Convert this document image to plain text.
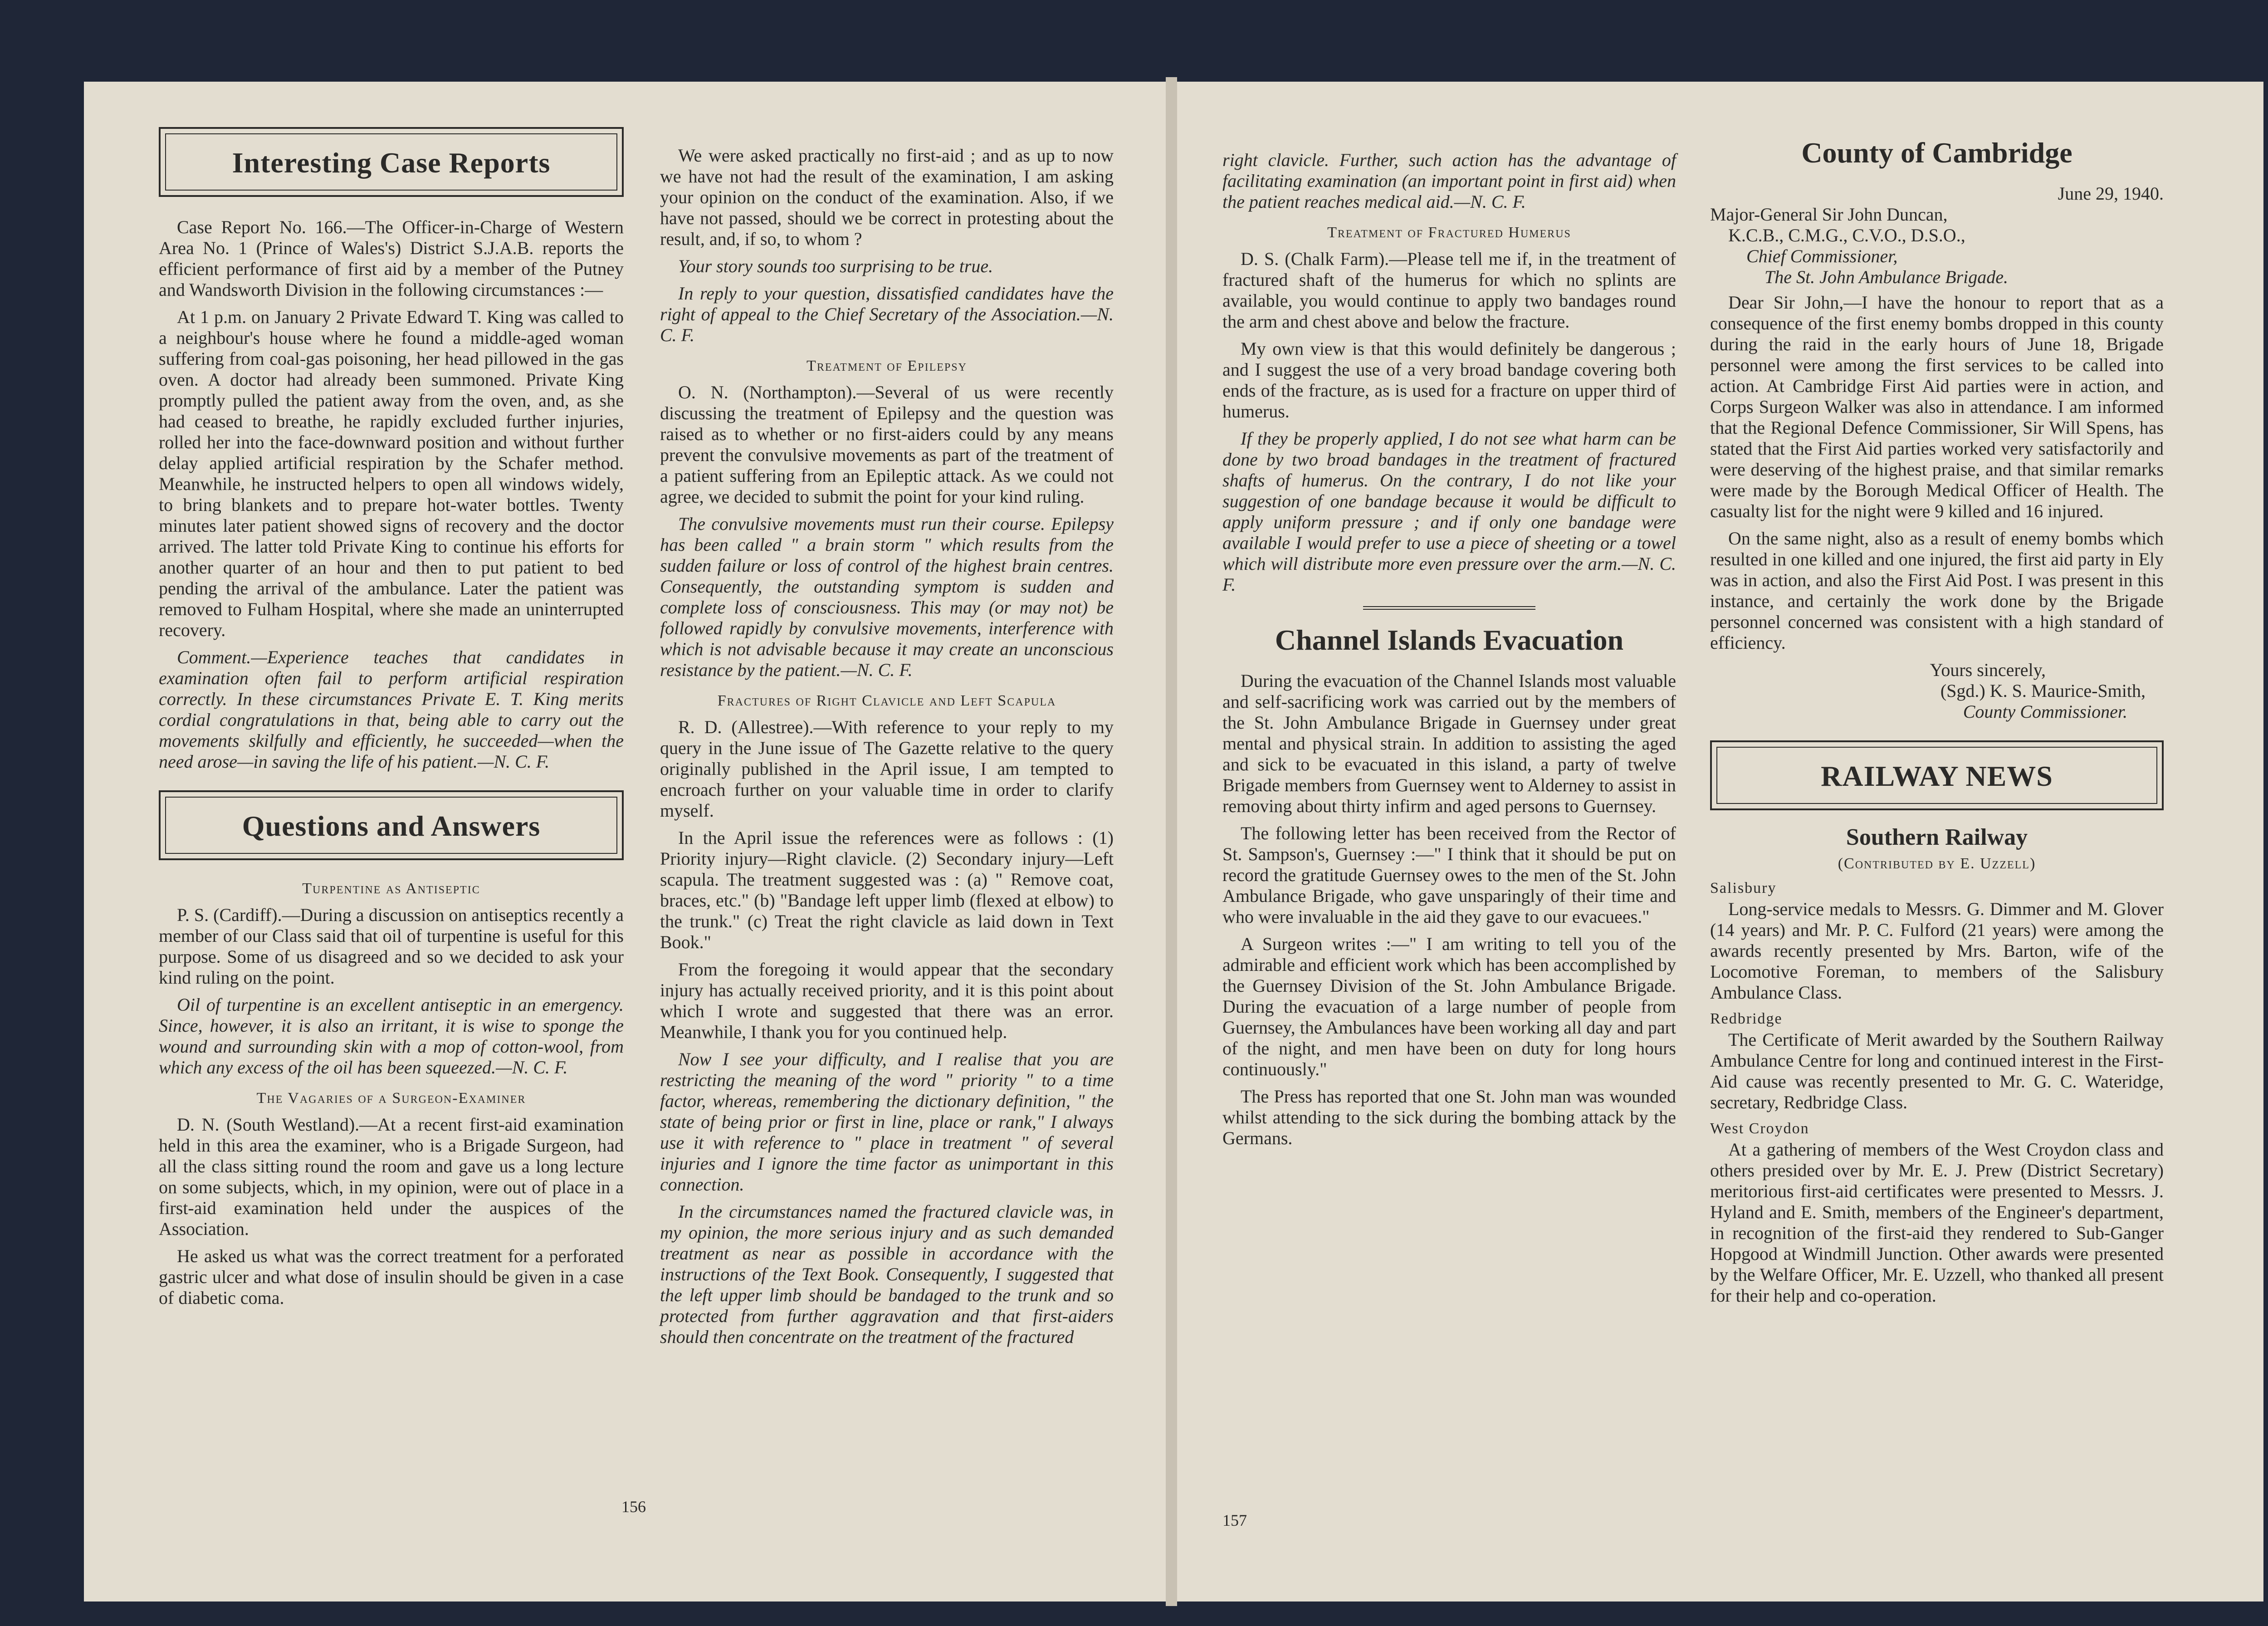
Interesting Case Reports

Case Report No. 166.—The Officer-in-Charge of Western Area No. 1 (Prince of Wales's) District S.J.A.B. reports the efficient performance of first aid by a member of the Putney and Wandsworth Division in the following circumstances :—

At 1 p.m. on January 2 Private Edward T. King was called to a neighbour's house where he found a middle-aged woman suffering from coal-gas poisoning, her head pillowed in the gas oven. A doctor had already been summoned. Private King promptly pulled the patient away from the oven, and, as she had ceased to breathe, he rapidly excluded further injuries, rolled her into the face-downward position and without further delay applied artificial respiration by the Schafer method. Meanwhile, he instructed helpers to open all windows widely, to bring blankets and to prepare hot-water bottles. Twenty minutes later patient showed signs of recovery and the doctor arrived. The latter told Private King to continue his efforts for another quarter of an hour and then to put patient to bed pending the arrival of the ambulance. Later the patient was removed to Fulham Hospital, where she made an uninterrupted recovery.

Comment.—Experience teaches that candidates in examination often fail to perform artificial respiration correctly. In these circumstances Private E. T. King merits cordial congratulations in that, being able to carry out the movements skilfully and efficiently, he succeeded—when the need arose—in saving the life of his patient.—N. C. F.

Questions and Answers
Turpentine as Antiseptic

P. S. (Cardiff).—During a discussion on antiseptics recently a member of our Class said that oil of turpentine is useful for this purpose. Some of us disagreed and so we decided to ask your kind ruling on the point.

Oil of turpentine is an excellent antiseptic in an emergency. Since, however, it is also an irritant, it is wise to sponge the wound and surrounding skin with a mop of cotton-wool, from which any excess of the oil has been squeezed.—N. C. F.

The Vagaries of a Surgeon-Examiner

D. N. (South Westland).—At a recent first-aid examination held in this area the examiner, who is a Brigade Surgeon, had all the class sitting round the room and gave us a long lecture on some subjects, which, in my opinion, were out of place in a first-aid examination held under the auspices of the Association.

He asked us what was the correct treatment for a perforated gastric ulcer and what dose of insulin should be given in a case of diabetic coma.

We were asked practically no first-aid ; and as up to now we have not had the result of the examination, I am asking your opinion on the conduct of the examination. Also, if we have not passed, should we be correct in protesting about the result, and, if so, to whom ?

Your story sounds too surprising to be true.

In reply to your question, dissatisfied candidates have the right of appeal to the Chief Secretary of the Association.—N. C. F.

Treatment of Epilepsy

O. N. (Northampton).—Several of us were recently discussing the treatment of Epilepsy and the question was raised as to whether or no first-aiders could by any means prevent the convulsive movements as part of the treatment of a patient suffering from an Epileptic attack. As we could not agree, we decided to submit the point for your kind ruling.

The convulsive movements must run their course. Epilepsy has been called " a brain storm " which results from the sudden failure or loss of control of the highest brain centres. Consequently, the outstanding symptom is sudden and complete loss of consciousness. This may (or may not) be followed rapidly by convulsive movements, interference with which is not advisable because it may create an unconscious resistance by the patient.—N. C. F.

Fractures of Right Clavicle and Left Scapula

R. D. (Allestree).—With reference to your reply to my query in the June issue of The Gazette relative to the query originally published in the April issue, I am tempted to encroach further on your valuable time in order to clarify myself.

In the April issue the references were as follows : (1) Priority injury—Right clavicle. (2) Secondary injury—Left scapula. The treatment suggested was : (a) " Remove coat, braces, etc." (b) "Bandage left upper limb (flexed at elbow) to the trunk." (c) Treat the right clavicle as laid down in Text Book."

From the foregoing it would appear that the secondary injury has actually received priority, and it is this point about which I wrote and suggested that there was an error. Meanwhile, I thank you for you continued help.

Now I see your difficulty, and I realise that you are restricting the meaning of the word " priority " to a time factor, whereas, remembering the dictionary definition, " the state of being prior or first in line, place or rank," I always use it with reference to " place in treatment " of several injuries and I ignore the time factor as unimportant in this connection.

In the circumstances named the fractured clavicle was, in my opinion, the more serious injury and as such demanded treatment as near as possible in accordance with the instructions of the Text Book. Consequently, I suggested that the left upper limb should be bandaged to the trunk and so protected from further aggravation and that first-aiders should then concentrate on the treatment of the fractured

156

right clavicle. Further, such action has the advantage of facilitating examination (an important point in first aid) when the patient reaches medical aid.—N. C. F.

Treatment of Fractured Humerus

D. S. (Chalk Farm).—Please tell me if, in the treatment of fractured shaft of the humerus for which no splints are available, you would continue to apply two bandages round the arm and chest above and below the fracture.

My own view is that this would definitely be dangerous ; and I suggest the use of a very broad bandage covering both ends of the fracture, as is used for a fracture on upper third of humerus.

If they be properly applied, I do not see what harm can be done by two broad bandages in the treatment of fractured shafts of humerus. On the contrary, I do not like your suggestion of one bandage because it would be difficult to apply uniform pressure ; and if only one bandage were available I would prefer to use a piece of sheeting or a towel which will distribute more even pressure over the arm.—N. C. F.

Channel Islands Evacuation

During the evacuation of the Channel Islands most valuable and self-sacrificing work was carried out by the members of the St. John Ambulance Brigade in Guernsey under great mental and physical strain. In addition to assisting the aged and sick to be evacuated in this island, a party of twelve Brigade members from Guernsey went to Alderney to assist in removing about thirty infirm and aged persons to Guernsey.

The following letter has been received from the Rector of St. Sampson's, Guernsey :—" I think that it should be put on record the gratitude Guernsey owes to the men of the St. John Ambulance Brigade, who gave unsparingly of their time and who were invaluable in the aid they gave to our evacuees."

A Surgeon writes :—" I am writing to tell you of the admirable and efficient work which has been accomplished by the Guernsey Division of the St. John Ambulance Brigade. During the evacuation of a large number of people from Guernsey, the Ambulances have been working all day and part of the night, and men have been on duty for long hours continuously."

The Press has reported that one St. John man was wounded whilst attending to the sick during the bombing attack by the Germans.

County of Cambridge

June 29, 1940.

Major-General Sir John Duncan,

K.C.B., C.M.G., C.V.O., D.S.O.,

Chief Commissioner,

The St. John Ambulance Brigade.

Dear Sir John,—I have the honour to report that as a consequence of the first enemy bombs dropped in this county during the raid in the early hours of June 18, Brigade personnel were among the first services to be called into action. At Cambridge First Aid parties were in action, and Corps Surgeon Walker was also in attendance. I am informed that the Regional Defence Commissioner, Sir Will Spens, has stated that the First Aid parties worked very satisfactorily and were deserving of the highest praise, and that similar remarks were made by the Borough Medical Officer of Health. The casualty list for the night were 9 killed and 16 injured.

On the same night, also as a result of enemy bombs which resulted in one killed and one injured, the first aid party in Ely was in action, and also the First Aid Post. I was present in this instance, and certainly the work done by the Brigade personnel concerned was consistent with a high standard of efficiency.

Yours sincerely,

(Sgd.) K. S. Maurice-Smith,

County Commissioner.

RAILWAY NEWS
Southern Railway
(Contributed by E. Uzzell)
Salisbury

Long-service medals to Messrs. G. Dimmer and M. Glover (14 years) and Mr. P. C. Fulford (21 years) were among the awards recently presented by Mrs. Barton, wife of the Locomotive Foreman, to members of the Salisbury Ambulance Class.

Redbridge

The Certificate of Merit awarded by the Southern Railway Ambulance Centre for long and continued interest in the First-Aid cause was recently presented to Mr. G. C. Wateridge, secretary, Redbridge Class.

West Croydon

At a gathering of members of the West Croydon class and others presided over by Mr. E. J. Prew (District Secretary) meritorious first-aid certificates were presented to Messrs. J. Hyland and E. Smith, members of the Engineer's department, in recognition of the first-aid they rendered to Sub-Ganger Hopgood at Windmill Junction. Other awards were presented by the Welfare Officer, Mr. E. Uzzell, who thanked all present for their help and co-operation.

157
